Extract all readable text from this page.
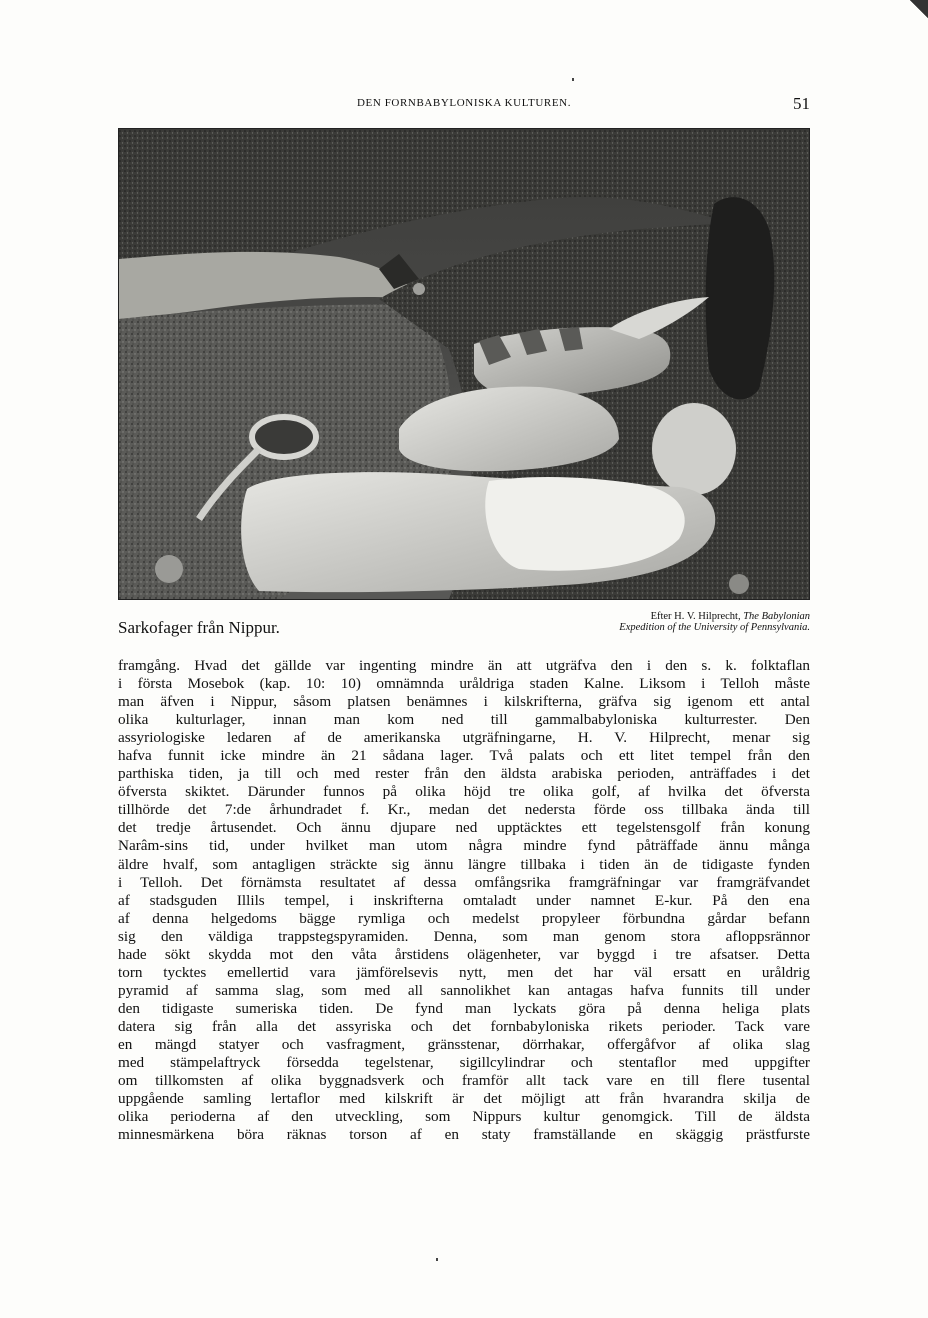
DEN FORNBABYLONISKA KULTUREN.	51
Sarkofager från Nippur.
Efter H. V. Hilprecht, The Babylonian
Expedition of the University of Pennsylvania.
framgång. Hvad det gällde var ingenting mindre än att utgräfva den i den s. k. folktaflan
i första Mosebok (kap. 10: 10) omnämnda uråldriga staden Kalne. Liksom i Telloh måste
man äfven i Nippur, såsom platsen benämnes i kilskrifterna, gräfva sig igenom ett antal
olika kulturlager, innan man kom ned till gammalbabyloniska kulturrester. Den
assyriologiske ledaren af de amerikanska utgräfningarne, H. V. Hilprecht, menar sig
hafva funnit icke mindre än 21 sådana lager. Två palats och ett litet tempel från den
parthiska tiden, ja till och med rester från den äldsta arabiska perioden, anträffades i det
öfversta skiktet. Därunder funnos på olika höjd tre olika golf, af hvilka det öfversta
tillhörde det 7:de århundradet f. Kr., medan det nedersta förde oss tillbaka ända till
det tredje årtusendet. Och ännu djupare ned upptäcktes ett tegelstensgolf från konung
Narâm-sins tid, under hvilket man utom några mindre fynd påträffade ännu många
äldre hvalf, som antagligen sträckte sig ännu längre tillbaka i tiden än de tidigaste fynden
i Telloh. Det förnämsta resultatet af dessa omfångsrika framgräfningar var framgräfvandet
af stadsguden Illils tempel, i inskrifterna omtaladt under namnet E-kur. På den ena
af denna helgedoms bägge rymliga och medelst propyleer förbundna gårdar befann
sig den väldiga trappstegspyramiden. Denna, som man genom stora afloppsrännor
hade sökt skydda mot den våta årstidens olägenheter, var byggd i tre afsatser. Detta
torn tycktes emellertid vara jämförelsevis nytt, men det har väl ersatt en uråldrig
pyramid af samma slag, som med all sannolikhet kan antagas hafva funnits till under
den tidigaste sumeriska tiden. De fynd man lyckats göra på denna heliga plats
datera sig från alla det assyriska och det fornbabyloniska rikets perioder. Tack vare
en mängd statyer och vasfragment, gränsstenar, dörrhakar, offergåfvor af olika slag
med stämpelaftryck försedda tegelstenar, sigillcylindrar och stentaflor med uppgifter
om tillkomsten af olika byggnadsverk och framför allt tack vare en till flere tusental
uppgående samling lertaflor med kilskrift är det möjligt att från hvarandra skilja de
olika perioderna af den utveckling, som Nippurs kultur genomgick. Till de äldsta
minnesmärkena böra räknas torson af en staty framställande en skäggig prästfurste
